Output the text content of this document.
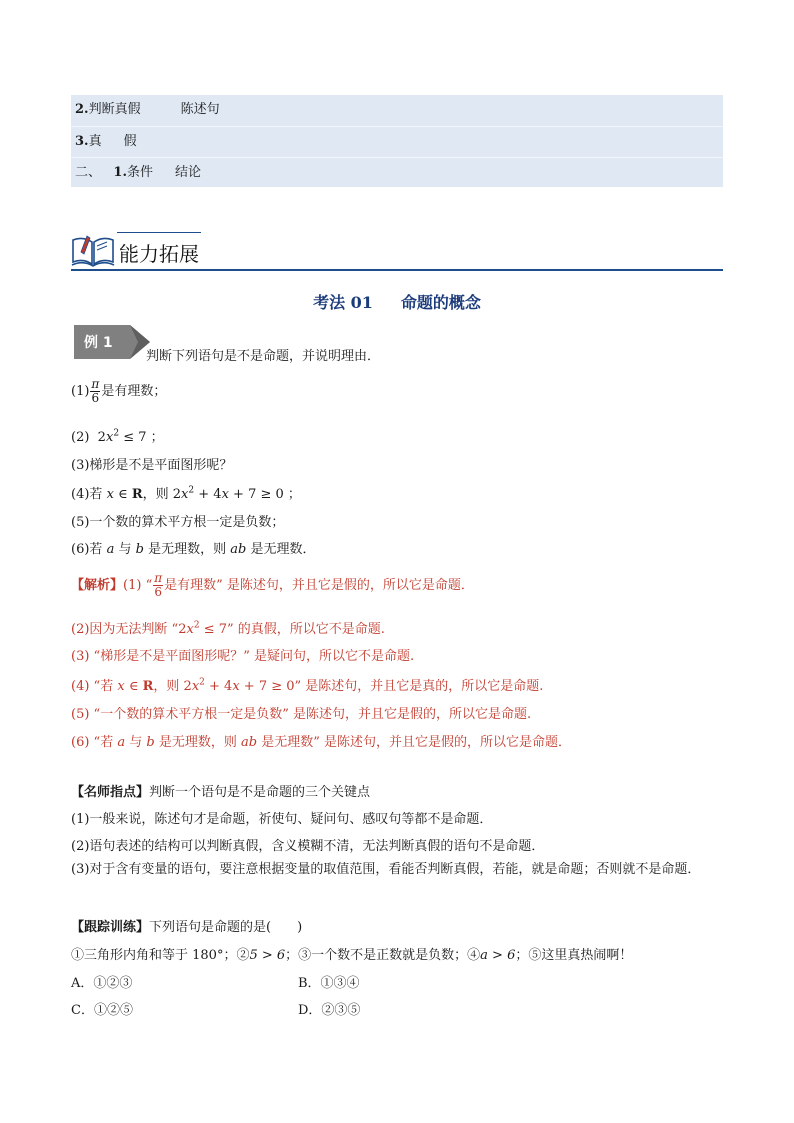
2.判断真假	陈述句
3.真 假
二、 1.条件 结论
能力拓展
考法 01 命题的概念
例 1
判断下列语句是不是命题，并说明理由．
$(1) \frac{\pi}{6}$ 是有理数；
(2)  $2x^2 \le 7$ ；
(3)梯形是不是平面图形呢？
(4)若 x ∈ R，则 $2x^2 + 4x + 7 \ge 0$ ；
(5)一个数的算术平方根一定是负数；
(6)若 a 与 b 是无理数，则 ab 是无理数．
【解析】(1) “ $\frac{\pi}{6}$ 是有理数” 是陈述句，并且它是假的，所以它是命题．
(2)因为无法判断 “$2x^2 \le 7$” 的真假，所以它不是命题.
(3) “梯形是不是平面图形呢？” 是疑问句，所以它不是命题.
(4) “若 x ∈ R，则 $2x^2 + 4x + 7 \ge 0$” 是陈述句，并且它是真的，所以它是命题.
(5) “一个数的算术平方根一定是负数” 是陈述句，并且它是假的，所以它是命题.
(6) “若 a 与 b 是无理数，则 ab 是无理数” 是陈述句，并且它是假的，所以它是命题．
【名师指点】判断一个语句是不是命题的三个关键点
(1)一般来说，陈述句才是命题，祈使句、疑问句、感叹句等都不是命题．
(2)语句表述的结构可以判断真假，含义模糊不清，无法判断真假的语句不是命题．
(3)对于含有变量的语句，要注意根据变量的取值范围，看能否判断真假，若能，就是命题；否则就不是命题．
【跟踪训练】下列语句是命题的是(　　)
①三角形内角和等于 180°；②5 > 6；③一个数不是正数就是负数；④a > 6；⑤这里真热闹啊！
A．①②③	B．①③④
C．①②⑤	D．②③⑤
